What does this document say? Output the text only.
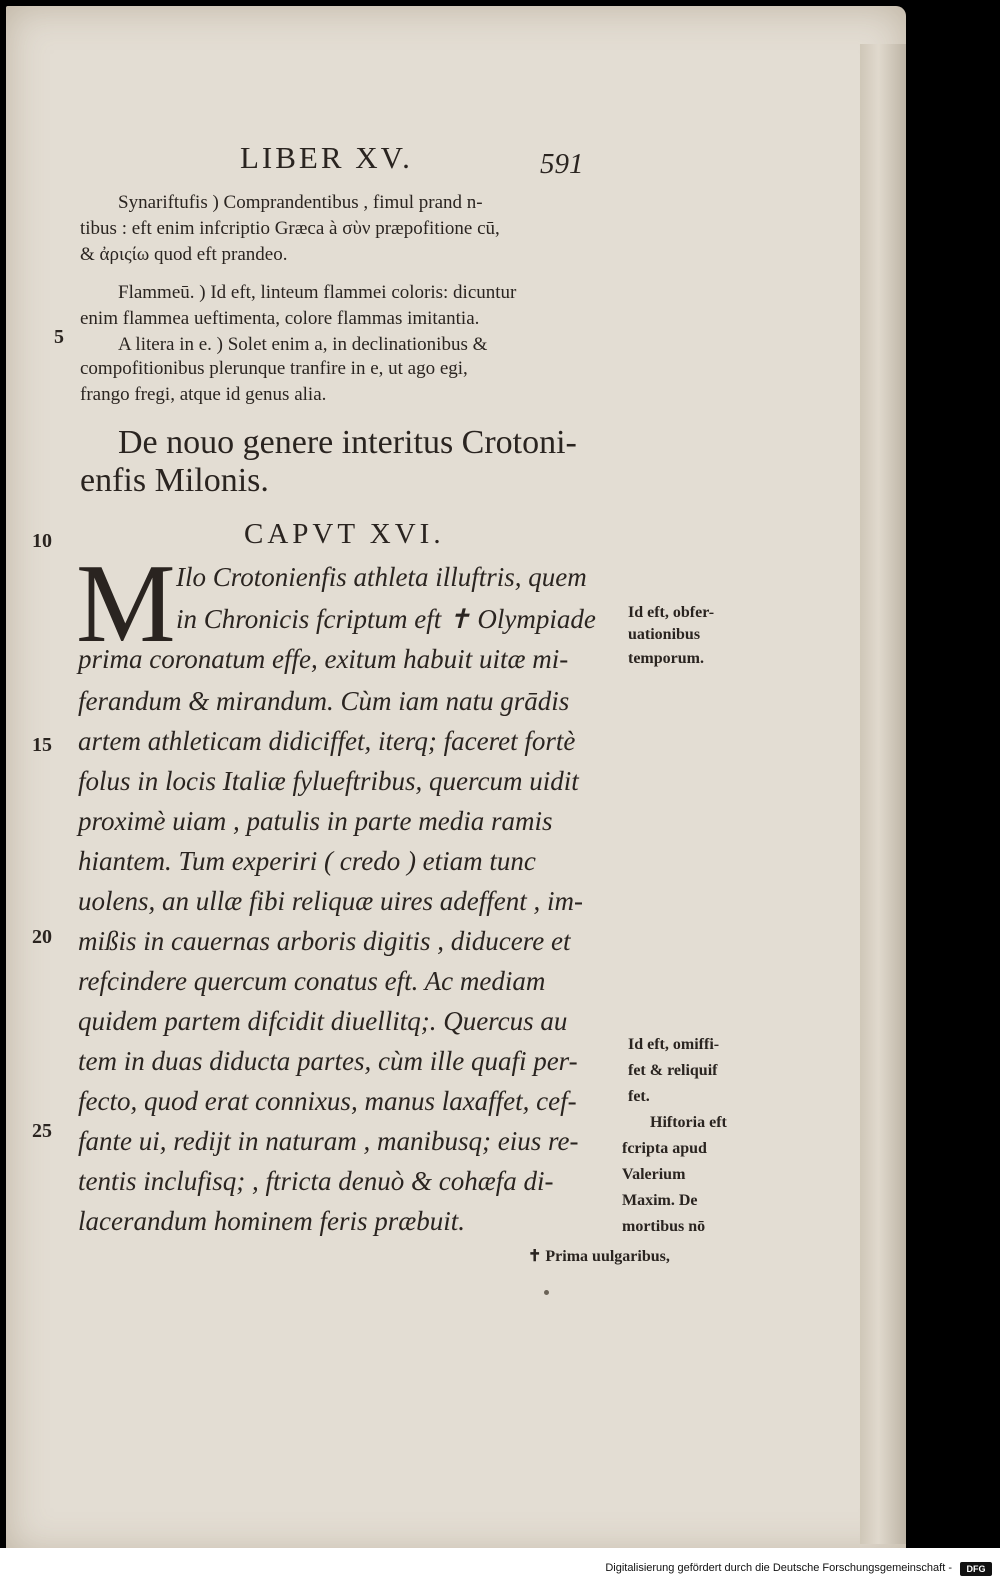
LIBER XV.	591
Synariftufis ) Comprandentibus , fimul prand n-
tibus : eft enim infcriptio Græca à σὺν præpofitione cū,
& ἀριςίω quod eft prandeo.
Flammeū. ) Id eft, linteum flammei coloris: dicuntur
enim flammea ueftimenta, colore flammas imitantia.
A litera in e. ) Solet enim a, in declinationibus &
compofitionibus plerunque tranfire in e, ut ago egi,
frango fregi, atque id genus alia.
5
10
15
20
25
De nouo genere interitus Crotoni-
enfis Milonis.
CAPVT XVI.
M Ilo Crotonienfis athleta illuftris, quem
in Chronicis fcriptum eft ✝ Olympiade
prima coronatum effe, exitum habuit uitæ mi-
ferandum & mirandum. Cùm iam natu grādis
artem athleticam didiciffet, iterq; faceret fortè
folus in locis Italiæ fylueftribus, quercum uidit
proximè uiam , patulis in parte media ramis
hiantem. Tum experiri ( credo ) etiam tunc
uolens, an ullæ fibi reliquæ uires adeffent , im-
mißis in cauernas arboris digitis , diducere et
refcindere quercum conatus eft. Ac mediam
quidem partem difcidit diuellitq;. Quercus au
tem in duas diducta partes, cùm ille quafi per-
fecto, quod erat connixus, manus laxaffet, cef-
fante ui, redijt in naturam , manibusq; eius re-
tentis inclufisq; , ftricta denuò & cohæfa di-
lacerandum hominem feris præbuit.
Id eft, obfer-
uationibus
temporum.
Id eft, omiffi-
fet & reliquif
fet.
Hiftoria eft
fcripta apud
Valerium
Maxim. De
mortibus nō
✝ Prima uulgaribus,
Digitalisierung gefördert durch die Deutsche Forschungsgemeinschaft -	DFG
